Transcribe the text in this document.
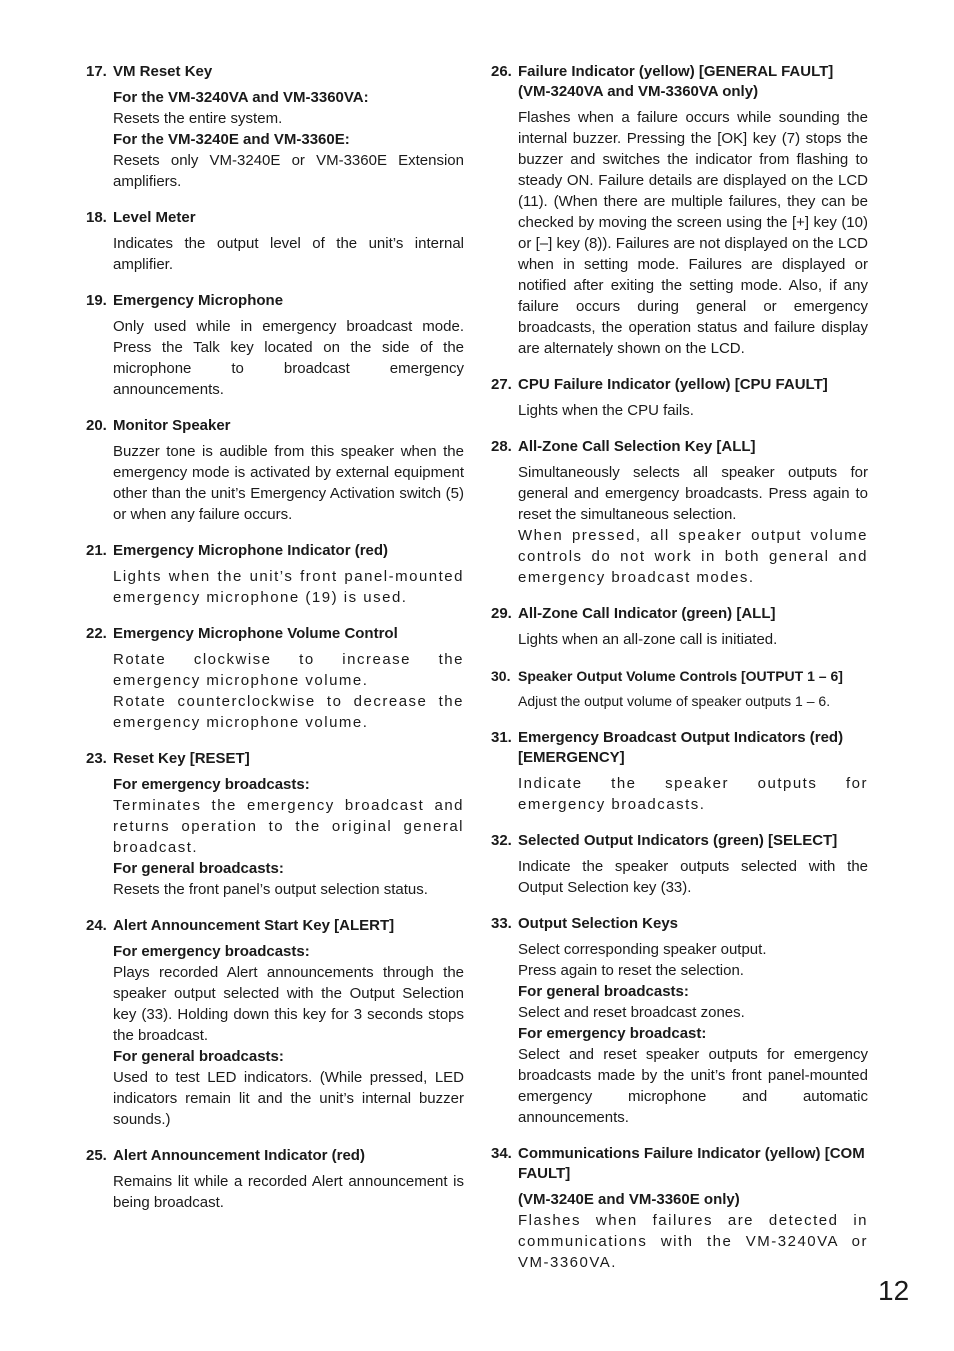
17. VM Reset Key

For the VM-3240VA and VM-3360VA:

Resets the entire system.

For the VM-3240E and VM-3360E:

Resets only VM-3240E or VM-3360E Extension amplifiers.

18. Level Meter

Indicates the output level of the unit’s internal amplifier.

19. Emergency Microphone

Only used while in emergency broadcast mode. Press the Talk key located on the side of the microphone to broadcast emergency announcements.

20. Monitor Speaker

Buzzer tone is audible from this speaker when the emergency mode is activated by external equipment other than the unit’s Emergency Activation switch (5) or when any failure occurs.

21. Emergency Microphone Indicator (red)

Lights when the unit’s front panel-mounted emergency microphone (19) is used.

22. Emergency Microphone Volume Control

Rotate clockwise to increase the emergency microphone volume.

Rotate counterclockwise to decrease the emergency microphone volume.

23. Reset Key [RESET]

For emergency broadcasts:

Terminates the emergency broadcast and returns operation to the original general broadcast.

For general broadcasts:

Resets the front panel’s output selection status.

24. Alert Announcement Start Key [ALERT]

For emergency broadcasts:

Plays recorded Alert announcements through the speaker output selected with the Output Selection key (33). Holding down this key for 3 seconds stops the broadcast.

For general broadcasts:

Used to test LED indicators. (While pressed, LED indicators remain lit and the unit’s internal buzzer sounds.)

25. Alert Announcement Indicator (red)

Remains lit while a recorded Alert announcement is being broadcast.

26. Failure Indicator (yellow) [GENERAL FAULT] (VM-3240VA and VM-3360VA only)

Flashes when a failure occurs while sounding the internal buzzer. Pressing the [OK] key (7) stops the buzzer and switches the indicator from flashing to steady ON. Failure details are displayed on the LCD (11). (When there are multiple failures, they can be checked by moving the screen using the [+] key (10) or [–] key (8)). Failures are not displayed on the LCD when in setting mode. Failures are displayed or notified after exiting the setting mode. Also, if any failure occurs during general or emergency broadcasts, the operation status and failure display are alternately shown on the LCD.

27. CPU Failure Indicator (yellow) [CPU FAULT]

Lights when the CPU fails.

28. All-Zone Call Selection Key [ALL]

Simultaneously selects all speaker outputs for general and emergency broadcasts. Press again to reset the simultaneous selection.

When pressed, all speaker output volume controls do not work in both general and emergency broadcast modes.

29. All-Zone Call Indicator (green) [ALL]

Lights when an all-zone call is initiated.

30. Speaker Output Volume Controls [OUTPUT 1 – 6]

Adjust the output volume of speaker outputs 1 – 6.

31. Emergency Broadcast Output Indicators (red) [EMERGENCY]

Indicate the speaker outputs for emergency broadcasts.

32. Selected Output Indicators (green) [SELECT]

Indicate the speaker outputs selected with the Output Selection key (33).

33. Output Selection Keys

Select corresponding speaker output.

Press again to reset the selection.

For general broadcasts:

Select and reset broadcast zones.

For emergency broadcast:

Select and reset speaker outputs for emergency broadcasts made by the unit’s front panel-mounted emergency microphone and automatic announcements.

34. Communications Failure Indicator (yellow) [COM FAULT]

(VM-3240E and VM-3360E only)

Flashes when failures are detected in communications with the VM-3240VA or VM-3360VA.

12
